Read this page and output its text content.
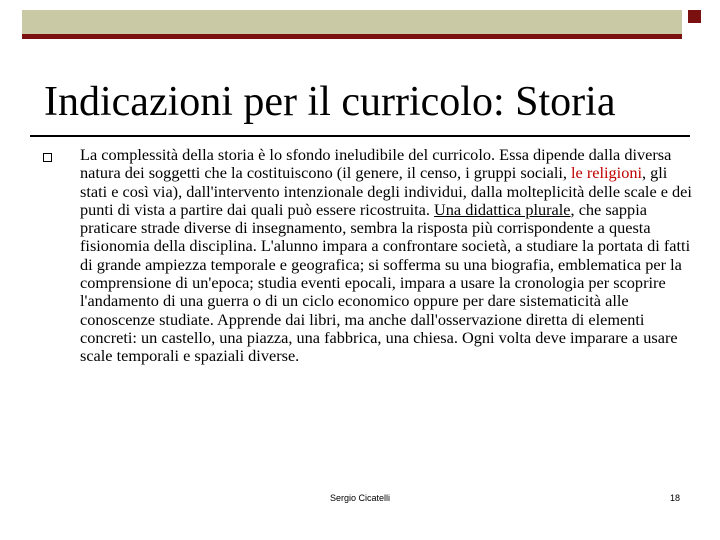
Indicazioni per il curricolo: Storia
La complessità della storia è lo sfondo ineludibile del curricolo. Essa dipende dalla diversa natura dei soggetti che la costituiscono (il genere, il censo, i gruppi sociali, le religioni, gli stati e così via), dall'intervento intenzionale degli individui, dalla molteplicità delle scale e dei punti di vista a partire dai quali può essere ricostruita. Una didattica plurale, che sappia praticare strade diverse di insegnamento, sembra la risposta più corrispondente a questa fisionomia della disciplina. L'alunno impara a confrontare società, a studiare la portata di fatti di grande ampiezza temporale e geografica; si sofferma su una biografia, emblematica per la comprensione di un'epoca; studia eventi epocali, impara a usare la cronologia per scoprire l'andamento di una guerra o di un ciclo economico oppure per dare sistematicità alle conoscenze studiate. Apprende dai libri, ma anche dall'osservazione diretta di elementi concreti: un castello, una piazza, una fabbrica, una chiesa. Ogni volta deve imparare a usare scale temporali e spaziali diverse.
Sergio Cicatelli	18
